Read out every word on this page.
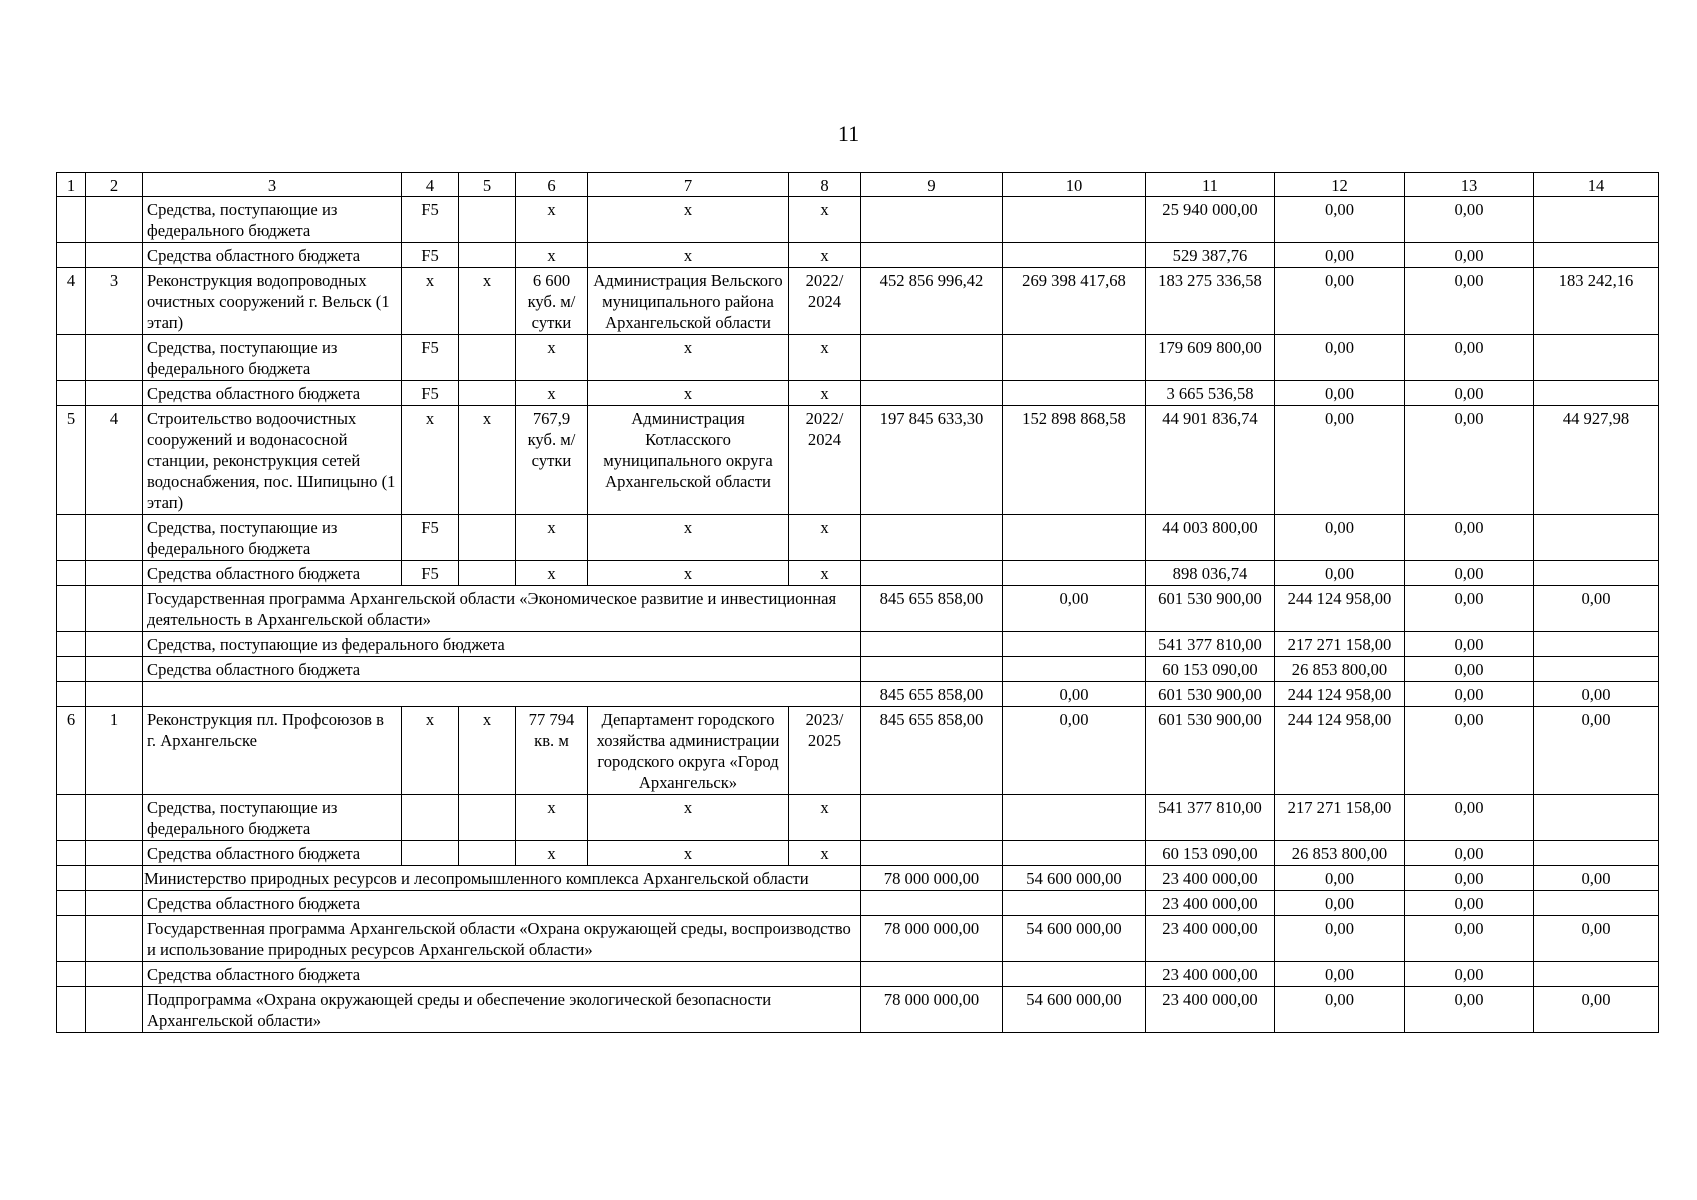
11
1	2	3	4	5	6	7	8	9	10	11	12	13	14
		Средства, поступающие из федерального бюджета	F5		x	x	x			25 940 000,00	0,00	0,00	
		Средства областного бюджета	F5		x	x	x			529 387,76	0,00	0,00	
4	3	Реконструкция водопроводных очистных сооружений г. Вельск (1 этап)	x	x	6 600 куб. м/ сутки	Администрация Вельского муниципального района Архангельской области	2022/ 2024	452 856 996,42	269 398 417,68	183 275 336,58	0,00	0,00	183 242,16
		Средства, поступающие из федерального бюджета	F5		x	x	x			179 609 800,00	0,00	0,00	
		Средства областного бюджета	F5		x	x	x			3 665 536,58	0,00	0,00	
5	4	Строительство водоочистных сооружений и водонасосной станции, реконструкция сетей водоснабжения, пос. Шипицыно (1 этап)	x	x	767,9 куб. м/ сутки	Администрация Котласского муниципального округа Архангельской области	2022/ 2024	197 845 633,30	152 898 868,58	44 901 836,74	0,00	0,00	44 927,98
		Средства, поступающие из федерального бюджета	F5		x	x	x			44 003 800,00	0,00	0,00	
		Средства областного бюджета	F5		x	x	x			898 036,74	0,00	0,00	
		Государственная программа Архангельской области «Экономическое развитие и инвестиционная деятельность в Архангельской области»						845 655 858,00	0,00	601 530 900,00	244 124 958,00	0,00	0,00
		Средства, поступающие из федерального бюджета								541 377 810,00	217 271 158,00	0,00	
		Средства областного бюджета								60 153 090,00	26 853 800,00	0,00	
								845 655 858,00	0,00	601 530 900,00	244 124 958,00	0,00	0,00
6	1	Реконструкция пл. Профсоюзов в г. Архангельске	x	x	77 794 кв. м	Департамент городского хозяйства администрации городского округа «Город Архангельск»	2023/ 2025	845 655 858,00	0,00	601 530 900,00	244 124 958,00	0,00	0,00
		Средства, поступающие из федерального бюджета			x	x	x			541 377 810,00	217 271 158,00	0,00	
		Средства областного бюджета			x	x	x			60 153 090,00	26 853 800,00	0,00	
		Министерство природных ресурсов и лесопромышленного комплекса Архангельской области						78 000 000,00	54 600 000,00	23 400 000,00	0,00	0,00	0,00
		Средства областного бюджета								23 400 000,00	0,00	0,00	
		Государственная программа Архангельской области «Охрана окружающей среды, воспроизводство и использование природных ресурсов Архангельской области»						78 000 000,00	54 600 000,00	23 400 000,00	0,00	0,00	0,00
		Средства областного бюджета								23 400 000,00	0,00	0,00	
		Подпрограмма «Охрана окружающей среды и обеспечение экологической безопасности Архангельской области»						78 000 000,00	54 600 000,00	23 400 000,00	0,00	0,00	0,00
